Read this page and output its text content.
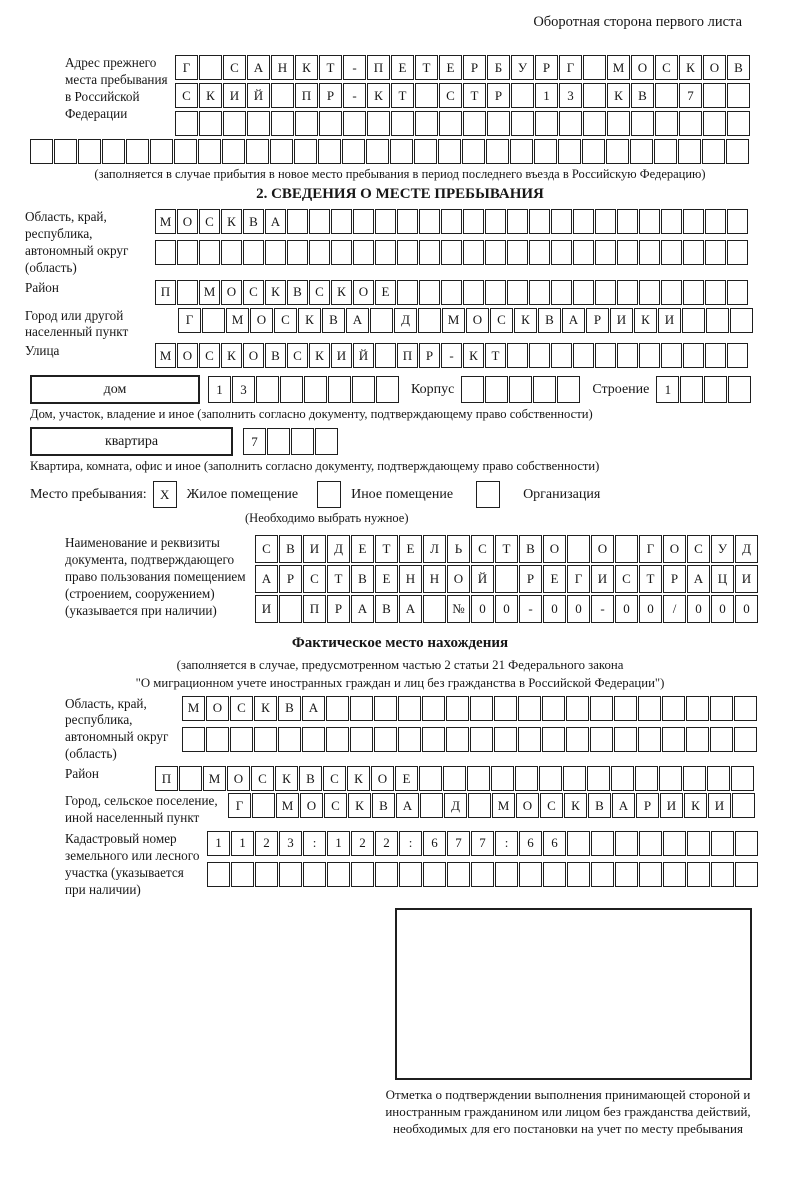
Оборотная сторона первого листа
Адрес прежнего места пребывания в Российской Федерации
Г	С	А	Н	К	Т	-	П	Е	Т	Е	Р	Б	У	Р	Г	М	О	С	К	О	В
С	К	И	Й	П	Р	-	К	Т	С	Т	Р	1	3	К	В	7
(заполняется в случае прибытия в новое место пребывания в период последнего въезда в Российскую Федерацию)
2. СВЕДЕНИЯ О МЕСТЕ ПРЕБЫВАНИЯ
Область, край, республика, автономный округ (область)
М О С	К	В А
Район	П	М О С	К	В	С	К О	Е
Город или другой населенный пункт
Г	М	О	С	К	В	А	Д	М	О	С	К	В	А	Р	И	К	И
Улица	М О С	К О В	С	К И Й	П	Р	-	К	Т
дом	1	3	Корпус	Строение	1
Дом, участок, владение и иное (заполнить согласно документу, подтверждающему право собственности)
квартира	7
Квартира, комната, офис и иное (заполнить согласно документу, подтверждающему право собственности)
Место пребывания:	X	Жилое помещение	Иное помещение	Организация
(Необходимо выбрать нужное)
Наименование и реквизиты документа, подтверждающего право пользования помещением (строением, сооружением) (указывается при наличии)
С	В	И	Д	Е	Т	Е	Л	Ь	С	Т	В	О	О	Г	О	С	У	Д
А	Р	С	Т	В	Е	Н	Н	О	Й	Р	Е	Г	И	С	Т	Р	А	Ц	И
И	П	Р	А	В	А	№	0	0	-	0	0	-	0	0	/	0	0	0
Фактическое место нахождения
(заполняется в случае, предусмотренном частью 2 статьи 21 Федерального закона
"О миграционном учете иностранных граждан и лиц без гражданства в Российской Федерации")
Область, край, республика, автономный округ (область)
М	О	С	К	В	А
Район	П	М	О	С	К	В	С	К	О	Е
Город, сельское поселение, иной населенный пункт
Г	М	О	С	К	В	А	Д	М	О	С	К	В	А	Р	И	К	И
Кадастровый номер земельного или лесного участка (указывается при наличии)
1	1	2	3	:	1	2	2	:	6	7	7	:	6	6
Отметка о подтверждении выполнения принимающей стороной и иностранным гражданином или лицом без гражданства действий, необходимых для его постановки на учет по месту пребывания
